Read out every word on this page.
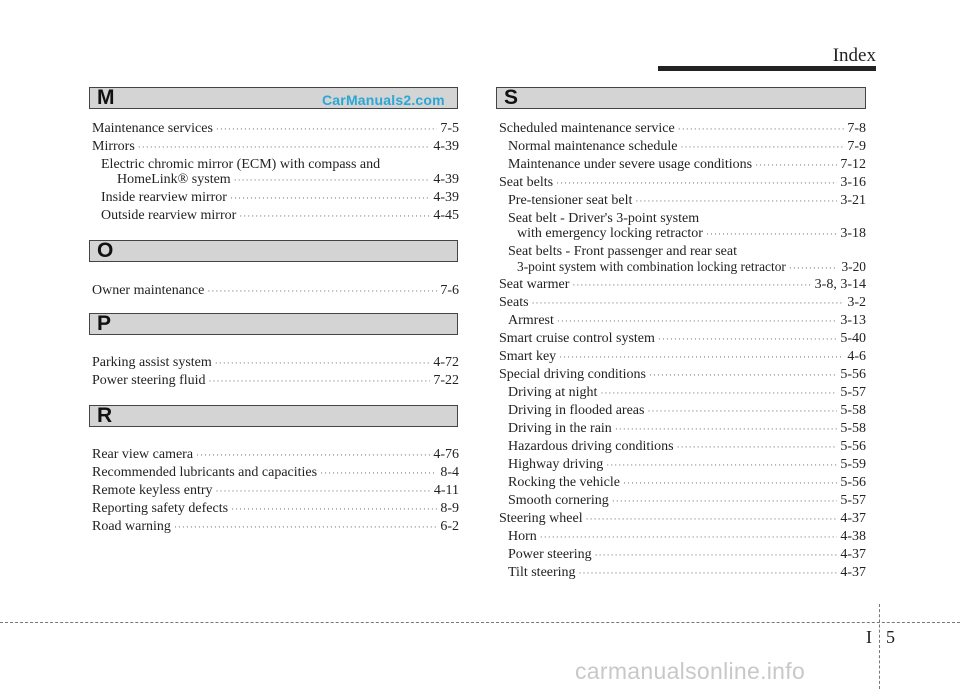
Index
M	CarManuals2.com
O
P
R
S
Maintenance services ·····	7-5
Mirrors ·····	4-39
Electric chromic mirror (ECM) with compass and
HomeLink® system ·····	4-39
Inside rearview mirror ·····	4-39
Outside rearview mirror ·····	4-45
Owner maintenance ·····	7-6
Parking assist system ·····	4-72
Power steering fluid ·····	7-22
Rear view camera ·····	4-76
Recommended lubricants and capacities ·····	8-4
Remote keyless entry ·····	4-11
Reporting safety defects ·····	8-9
Road warning ·····	6-2
Scheduled maintenance service ·····	7-8
Normal maintenance schedule ·····	7-9
Maintenance under severe usage conditions ·····	7-12
Seat belts ·····	3-16
Pre-tensioner seat belt ·····	3-21
Seat belt - Driver's 3-point system
with emergency locking retractor ·····	3-18
Seat belts - Front passenger and rear seat
3-point system with combination locking retractor ·····	3-20
Seat warmer ·····	3-8, 3-14
Seats ·····	3-2
Armrest ·····	3-13
Smart cruise control system ·····	5-40
Smart key ·····	4-6
Special driving conditions ·····	5-56
Driving at night ·····	5-57
Driving in flooded areas ·····	5-58
Driving in the rain ·····	5-58
Hazardous driving conditions ·····	5-56
Highway driving ·····	5-59
Rocking the vehicle ·····	5-56
Smooth cornering ·····	5-57
Steering wheel ·····	4-37
Horn ·····	4-38
Power steering ·····	4-37
Tilt steering ·····	4-37
I 5
carmanualsonline.info
